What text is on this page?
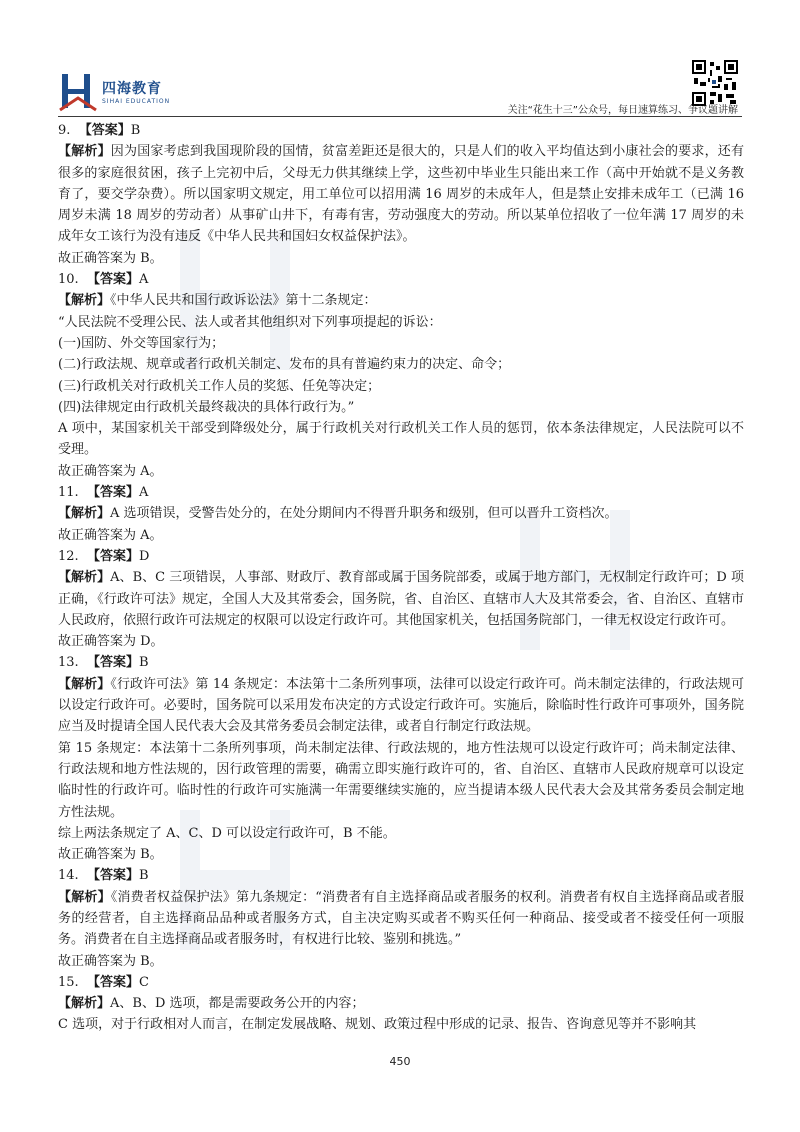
四海教育
SIHAI EDUCATION
关注“花生十三”公众号，每日速算练习、争议题讲解

9.  【答案】B

【解析】因为国家考虑到我国现阶段的国情，贫富差距还是很大的，只是人们的收入平均值达到小康社会的要求，还有很多的家庭很贫困，孩子上完初中后，父母无力供其继续上学，这些初中毕业生只能出来工作（高中开始就不是义务教育了，要交学杂费）。所以国家明文规定，用工单位可以招用满 16 周岁的未成年人，但是禁止安排未成年工（已满 16 周岁未满 18 周岁的劳动者）从事矿山井下，有毒有害，劳动强度大的劳动。所以某单位招收了一位年满 17 周岁的未成年女工该行为没有违反《中华人民共和国妇女权益保护法》。

故正确答案为 B。

10.  【答案】A

【解析】《中华人民共和国行政诉讼法》第十二条规定：

“人民法院不受理公民、法人或者其他组织对下列事项提起的诉讼：

(一)国防、外交等国家行为；

(二)行政法规、规章或者行政机关制定、发布的具有普遍约束力的决定、命令；

(三)行政机关对行政机关工作人员的奖惩、任免等决定；

(四)法律规定由行政机关最终裁决的具体行政行为。”

A 项中，某国家机关干部受到降级处分，属于行政机关对行政机关工作人员的惩罚，依本条法律规定，人民法院可以不受理。

故正确答案为 A。

11.  【答案】A

【解析】A 选项错误，受警告处分的，在处分期间内不得晋升职务和级别，但可以晋升工资档次。

故正确答案为 A。

12.  【答案】D

【解析】A、B、C 三项错误，人事部、财政厅、教育部或属于国务院部委，或属于地方部门，无权制定行政许可；D 项正确，《行政许可法》规定，全国人大及其常委会，国务院，省、自治区、直辖市人大及其常委会，省、自治区、直辖市人民政府，依照行政许可法规定的权限可以设定行政许可。其他国家机关，包括国务院部门，一律无权设定行政许可。

故正确答案为 D。

13.  【答案】B

【解析】《行政许可法》第 14 条规定：本法第十二条所列事项，法律可以设定行政许可。尚未制定法律的，行政法规可以设定行政许可。必要时，国务院可以采用发布决定的方式设定行政许可。实施后，除临时性行政许可事项外，国务院应当及时提请全国人民代表大会及其常务委员会制定法律，或者自行制定行政法规。

第 15 条规定：本法第十二条所列事项，尚未制定法律、行政法规的，地方性法规可以设定行政许可；尚未制定法律、行政法规和地方性法规的，因行政管理的需要，确需立即实施行政许可的，省、自治区、直辖市人民政府规章可以设定临时性的行政许可。临时性的行政许可实施满一年需要继续实施的，应当提请本级人民代表大会及其常务委员会制定地方性法规。

综上两法条规定了 A、C、D 可以设定行政许可，B 不能。

故正确答案为 B。

14.  【答案】B

【解析】《消费者权益保护法》第九条规定：“消费者有自主选择商品或者服务的权利。消费者有权自主选择商品或者服务的经营者，自主选择商品品种或者服务方式，自主决定购买或者不购买任何一种商品、接受或者不接受任何一项服务。消费者在自主选择商品或者服务时，有权进行比较、鉴别和挑选。”

故正确答案为 B。

15.  【答案】C

【解析】A、B、D 选项，都是需要政务公开的内容；

C 选项，对于行政相对人而言，在制定发展战略、规划、政策过程中形成的记录、报告、咨询意见等并不影响其

450
